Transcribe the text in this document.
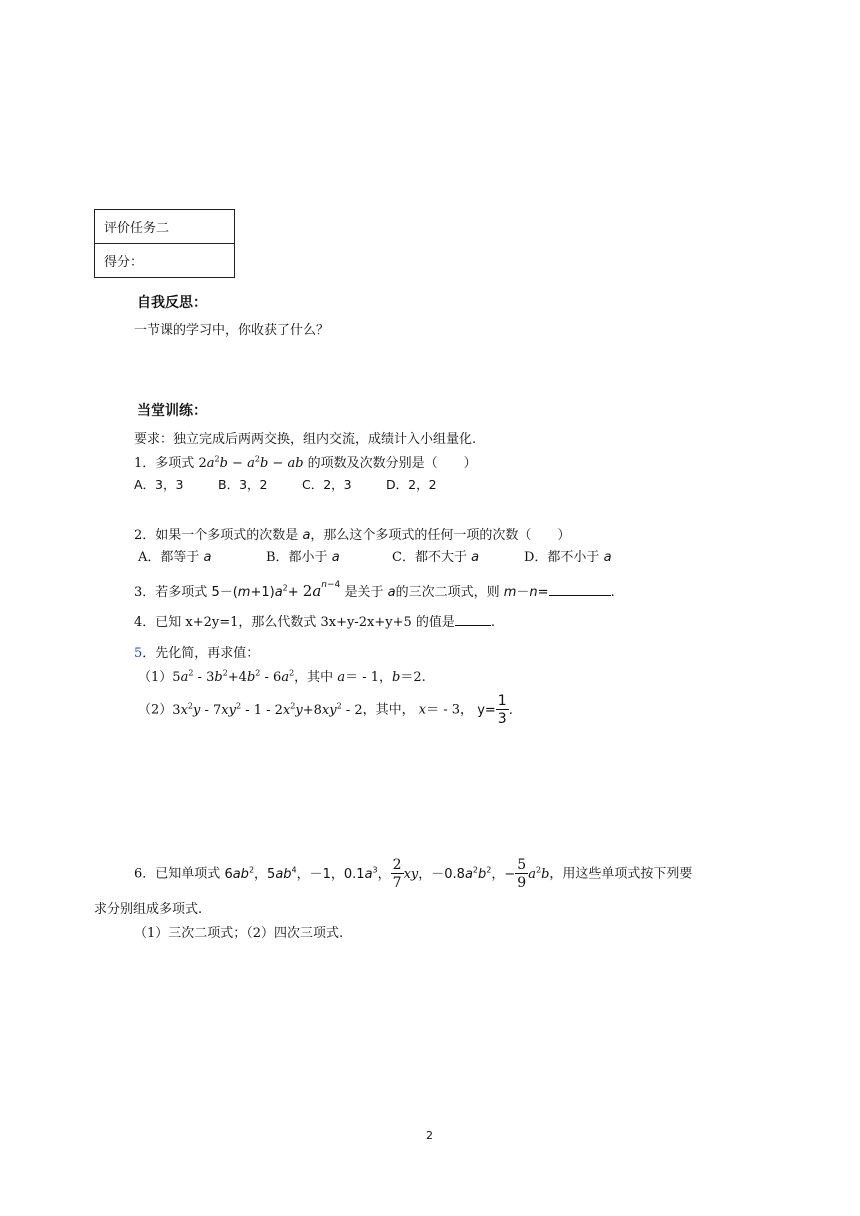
评价任务二
得分：
自我反思：
一节课的学习中，你收获了什么？
当堂训练：
要求：独立完成后两两交换，组内交流，成绩计入小组量化.
1．多项式 $2a^2b - a^2b$ − ab 的项数及次数分别是（　　）
A．3，3	B．3，2	C．2，3	D．2，2
2．如果一个多项式的次数是 a，那么这个多项式的任何一项的次数（　　）
A．都等于 a	B．都小于 a	C．都不大于 a	D．都不小于 a
3．若多项式 $5-(m+1)a^2+ 2a^{n-4}$ 是关于 a的三次二项式，则 m－n=	.
4．已知 x+2y=1，那么代数式 3x+y-2x+y+5 的值是	.
5．先化简，再求值：
$(1)5a^2 - 3b^2+4b^2 - 6a^2$，其中 a＝ - 1，b＝2.
$(2)3x^2y - 7xy^2 - 1 - 2x^2y+8xy^2 - 2$，其中， x＝ - 3， $y= \frac{1}{3}$ .
6．已知单项式 $6ab^2$，$5ab^4$，－1，$0.1a^3$， $\frac{2}{7}$ xy，$-0.8a^2b^2$，− $\frac{5}{9} a^2b$，用这些单项式按下列要
求分别组成多项式.
（1）三次二项式；（2）四次三项式.
2
